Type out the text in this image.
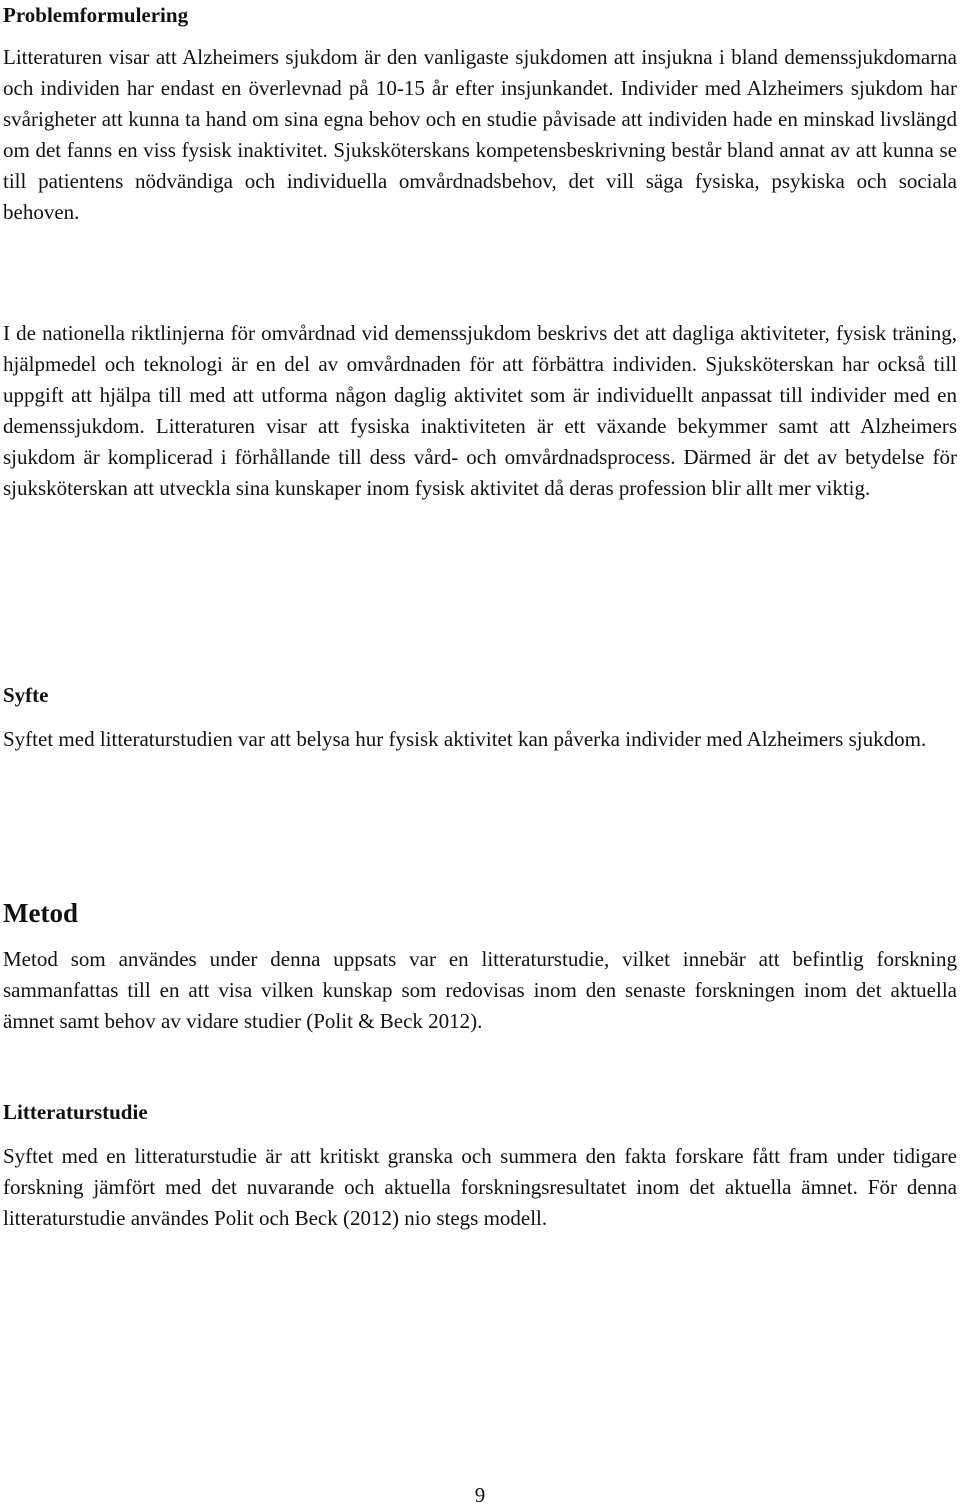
Problemformulering

Litteraturen visar att Alzheimers sjukdom är den vanligaste sjukdomen att insjukna i bland demenssjukdomarna och individen har endast en överlevnad på 10-15 år efter insjunkandet. Individer med Alzheimers sjukdom har svårigheter att kunna ta hand om sina egna behov och en studie påvisade att individen hade en minskad livslängd om det fanns en viss fysisk inaktivitet. Sjuksköterskans kompetensbeskrivning består bland annat av att kunna se till patientens nödvändiga och individuella omvårdnadsbehov, det vill säga fysiska, psykiska och sociala behoven.

I de nationella riktlinjerna för omvårdnad vid demenssjukdom beskrivs det att dagliga aktiviteter, fysisk träning, hjälpmedel och teknologi är en del av omvårdnaden för att förbättra individen. Sjuksköterskan har också till uppgift att hjälpa till med att utforma någon daglig aktivitet som är individuellt anpassat till individer med en demenssjukdom. Litteraturen visar att fysiska inaktiviteten är ett växande bekymmer samt att Alzheimers sjukdom är komplicerad i förhållande till dess vård- och omvårdnadsprocess. Därmed är det av betydelse för sjuksköterskan att utveckla sina kunskaper inom fysisk aktivitet då deras profession blir allt mer viktig.

Syfte

Syftet med litteraturstudien var att belysa hur fysisk aktivitet kan påverka individer med Alzheimers sjukdom.

Metod

Metod som användes under denna uppsats var en litteraturstudie, vilket innebär att befintlig forskning sammanfattas till en att visa vilken kunskap som redovisas inom den senaste forskningen inom det aktuella ämnet samt behov av vidare studier (Polit & Beck 2012).

Litteraturstudie

Syftet med en litteraturstudie är att kritiskt granska och summera den fakta forskare fått fram under tidigare forskning jämfört med det nuvarande och aktuella forskningsresultatet inom det aktuella ämnet. För denna litteraturstudie användes Polit och Beck (2012) nio stegs modell.

9
